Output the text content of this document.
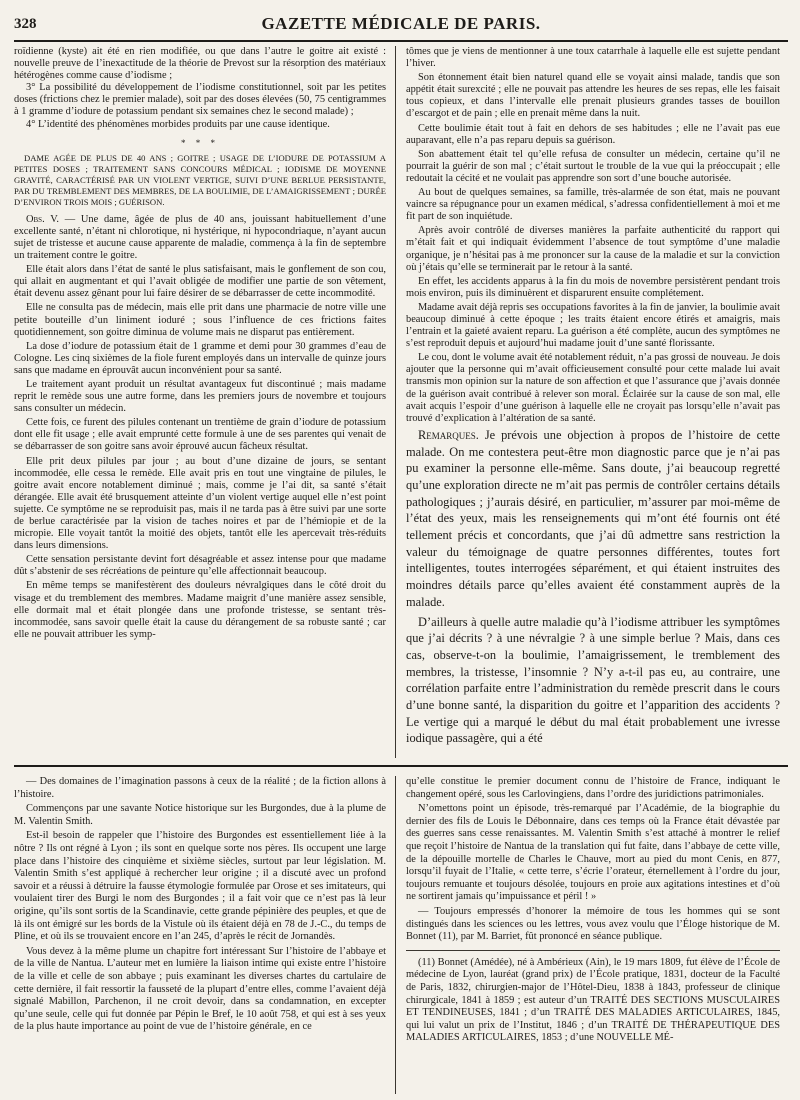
328	GAZETTE MÉDICALE DE PARIS.

roïdienne (kyste) ait été en rien modifiée, ou que dans l’autre le goitre ait existé : nouvelle preuve de l’inexactitude de la théorie de Prevost sur la résorption des matériaux hétérogènes comme cause d’iodisme ;

3° La possibilité du développement de l’iodisme constitutionnel, soit par les petites doses (frictions chez le premier malade), soit par des doses élevées (50, 75 centigrammes à 1 gramme d’iodure de potassium pendant six semaines chez le second malade) ;

4° L’identité des phénomènes morbides produits par une cause identique.

* * *

DAME AGÉE DE PLUS DE 40 ANS ; GOITRE ; USAGE DE L’IODURE DE POTASSIUM A PETITES DOSES ; TRAITEMENT SANS CONCOURS MÉDICAL ; IODISME DE MOYENNE GRAVITÉ, CARACTÉRISÉ PAR UN VIOLENT VERTIGE, SUIVI D’UNE BERLUE PERSISTANTE, PAR DU TREMBLEMENT DES MEMBRES, DE LA BOULIMIE, DE L’AMAIGRISSEMENT ; DURÉE D’ENVIRON TROIS MOIS ; GUÉRISON.

Obs. V. — Une dame, âgée de plus de 40 ans, jouissant habituellement d’une excellente santé, n’étant ni chlorotique, ni hystérique, ni hypocondriaque, n’ayant aucun sujet de tristesse et aucune cause apparente de maladie, commença à la fin de septembre un traitement contre le goitre.

Elle était alors dans l’état de santé le plus satisfaisant, mais le gonflement de son cou, qui allait en augmentant et qui l’avait obligée de modifier une partie de son vêtement, était devenu assez gênant pour lui faire désirer de se débarrasser de cette incommodité.

Elle ne consulta pas de médecin, mais elle prit dans une pharmacie de notre ville une petite bouteille d’un liniment ioduré ; sous l’influence de ces frictions faites quotidiennement, son goitre diminua de volume mais ne disparut pas entièrement.

La dose d’iodure de potassium était de 1 gramme et demi pour 30 grammes d’eau de Cologne. Les cinq sixièmes de la fiole furent employés dans un intervalle de quinze jours sans que madame en éprouvât aucun inconvénient pour sa santé.

Le traitement ayant produit un résultat avantageux fut discontinué ; mais madame reprit le remède sous une autre forme, dans les premiers jours de novembre et toujours sans consulter un médecin.

Cette fois, ce furent des pilules contenant un trentième de grain d’iodure de potassium dont elle fit usage ; elle avait emprunté cette formule à une de ses parentes qui venait de se débarrasser de son goitre sans avoir éprouvé aucun fâcheux résultat.

Elle prit deux pilules par jour ; au bout d’une dizaine de jours, se sentant incommodée, elle cessa le remède. Elle avait pris en tout une vingtaine de pilules, le goitre avait encore notablement diminué ; mais, comme je l’ai dit, sa santé s’était dérangée. Elle avait été brusquement atteinte d’un violent vertige auquel elle n’est point sujette. Ce symptôme ne se reproduisit pas, mais il ne tarda pas à être suivi par une sorte de berlue caractérisée par la vision de taches noires et par de l’hémiopie et de la micropie. Elle voyait tantôt la moitié des objets, tantôt elle les apercevait très-réduits dans leurs dimensions.

Cette sensation persistante devint fort désagréable et assez intense pour que madame dût s’abstenir de ses récréations de peinture qu’elle affectionnait beaucoup.

En même temps se manifestèrent des douleurs névralgiques dans le côté droit du visage et du tremblement des membres. Madame maigrit d’une manière assez sensible, elle dormait mal et était plongée dans une profonde tristesse, se sentant très-incommodée, sans savoir quelle était la cause du dérangement de sa robuste santé ; car elle ne pouvait attribuer les symp-

tômes que je viens de mentionner à une toux catarrhale à laquelle elle est sujette pendant l’hiver.

Son étonnement était bien naturel quand elle se voyait ainsi malade, tandis que son appétit était surexcité ; elle ne pouvait pas attendre les heures de ses repas, elle les faisait tous copieux, et dans l’intervalle elle prenait plusieurs grandes tasses de bouillon d’escargot et de pain ; elle en prenait même dans la nuit.

Cette boulimie était tout à fait en dehors de ses habitudes ; elle ne l’avait pas eue auparavant, elle n’a pas reparu depuis sa guérison.

Son abattement était tel qu’elle refusa de consulter un médecin, certaine qu’il ne pourrait la guérir de son mal ; c’était surtout le trouble de la vue qui la préoccupait ; elle redoutait la cécité et ne voulait pas apprendre son sort d’une bouche autorisée.

Au bout de quelques semaines, sa famille, très-alarmée de son état, mais ne pouvant vaincre sa répugnance pour un examen médical, s’adressa confidentiellement à moi et me fit part de son inquiétude.

Après avoir contrôlé de diverses manières la parfaite authenticité du rapport qui m’était fait et qui indiquait évidemment l’absence de tout symptôme d’une maladie organique, je n’hésitai pas à me prononcer sur la cause de la maladie et sur la conviction où j’étais qu’elle se terminerait par le retour à la santé.

En effet, les accidents apparus à la fin du mois de novembre persistèrent pendant trois mois environ, puis ils diminuèrent et disparurent ensuite complétement.

Madame avait déjà repris ses occupations favorites à la fin de janvier, la boulimie avait beaucoup diminué à cette époque ; les traits étaient encore étirés et amaigris, mais l’entrain et la gaieté avaient reparu. La guérison a été complète, aucun des symptômes ne s’est reproduit depuis et aujourd’hui madame jouit d’une santé florissante.

Le cou, dont le volume avait été notablement réduit, n’a pas grossi de nouveau. Je dois ajouter que la personne qui m’avait officieusement consulté pour cette malade lui avait transmis mon opinion sur la nature de son affection et que l’assurance que j’avais donnée de la guérison avait contribué à relever son moral. Éclairée sur la cause de son mal, elle avait acquis l’espoir d’une guérison à laquelle elle ne croyait pas lorsqu’elle n’avait pas trouvé d’explication à l’altération de sa santé.

Remarques. Je prévois une objection à propos de l’histoire de cette malade. On me contestera peut-être mon diagnostic parce que je n’ai pas pu examiner la personne elle-même. Sans doute, j’ai beaucoup regretté qu’une exploration directe ne m’ait pas permis de contrôler certains détails pathologiques ; j’aurais désiré, en particulier, m’assurer par moi-même de l’état des yeux, mais les renseignements qui m’ont été fournis ont été tellement précis et concordants, que j’ai dû admettre sans restriction la valeur du témoignage de quatre personnes différentes, toutes fort intelligentes, toutes interrogées séparément, et qui étaient instruites des moindres détails parce qu’elles avaient été constamment auprès de la malade.

D’ailleurs à quelle autre maladie qu’à l’iodisme attribuer les symptômes que j’ai décrits ? à une névralgie ? à une simple berlue ? Mais, dans ces cas, observe-t-on la boulimie, l’amaigrissement, le tremblement des membres, la tristesse, l’insomnie ? N’y a-t-il pas eu, au contraire, une corrélation parfaite entre l’administration du remède prescrit dans le cours d’une bonne santé, la disparition du goitre et l’apparition des accidents ? Le vertige qui a marqué le début du mal était probablement une ivresse iodique passagère, qui a été

— Des domaines de l’imagination passons à ceux de la réalité ; de la fiction allons à l’histoire.

Commençons par une savante Notice historique sur les Burgondes, due à la plume de M. Valentin Smith.

Est-il besoin de rappeler que l’histoire des Burgondes est essentiellement liée à la nôtre ? Ils ont régné à Lyon ; ils sont en quelque sorte nos pères. Ils occupent une large place dans l’histoire des cinquième et sixième siècles, surtout par leur législation. M. Valentin Smith s’est appliqué à rechercher leur origine ; il a discuté avec un profond savoir et a réussi à détruire la fausse étymologie formulée par Orose et ses imitateurs, qui voulaient tirer des Burgi le nom des Burgondes ; il a fait voir que ce n’est pas là leur origine, qu’ils sont sortis de la Scandinavie, cette grande pépinière des peuples, et que de là ils ont émigré sur les bords de la Vistule où ils étaient déjà en 78 de J.-C., du temps de Pline, et où ils se trouvaient encore en l’an 245, d’après le récit de Jornandès.

Vous devez à la même plume un chapitre fort intéressant Sur l’histoire de l’abbaye et de la ville de Nantua. L’auteur met en lumière la liaison intime qui existe entre l’histoire de la ville et celle de son abbaye ; puis examinant les diverses chartes du cartulaire de cette dernière, il fait ressortir la fausseté de la plupart d’entre elles, comme l’avaient déjà signalé Mabillon, Parchenon, il ne croit devoir, dans sa condamnation, en excepter qu’une seule, celle qui fut donnée par Pépin le Bref, le 10 août 758, et qui est à ses yeux de la plus haute importance au point de vue de l’histoire générale, en ce

qu’elle constitue le premier document connu de l’histoire de France, indiquant le changement opéré, sous les Carlovingiens, dans l’ordre des juridictions patrimoniales.

N’omettons point un épisode, très-remarqué par l’Académie, de la biographie du dernier des fils de Louis le Débonnaire, dans ces temps où la France était dévastée par des guerres sans cesse renaissantes. M. Valentin Smith s’est attaché à montrer le relief que reçoit l’histoire de Nantua de la translation qui fut faite, dans l’abbaye de cette ville, de la dépouille mortelle de Charles le Chauve, mort au pied du mont Cenis, en 877, lorsqu’il fuyait de l’Italie, « cette terre, s’écrie l’orateur, éternellement à l’ordre du jour, toujours remuante et toujours désolée, toujours en proie aux agitations intestines et d’où ne sortirent jamais qu’impuissance et péril ! »

— Toujours empressés d’honorer la mémoire de tous les hommes qui se sont distingués dans les sciences ou les lettres, vous avez voulu que l’Éloge historique de M. Bonnet (11), par M. Barriet, fût prononcé en séance publique.

(11) Bonnet (Amédée), né à Ambérieux (Ain), le 19 mars 1809, fut élève de l’École de médecine de Lyon, lauréat (grand prix) de l’École pratique, 1831, docteur de la Faculté de Paris, 1832, chirurgien-major de l’Hôtel-Dieu, 1838 à 1843, professeur de clinique chirurgicale, 1841 à 1859 ; est auteur d’un TRAITÉ DES SECTIONS MUSCULAIRES ET TENDINEUSES, 1841 ; d’un TRAITÉ DES MALADIES ARTICULAIRES, 1845, qui lui valut un prix de l’Institut, 1846 ; d’un TRAITÉ DE THÉRAPEUTIQUE DES MALADIES ARTICULAIRES, 1853 ; d’une NOUVELLE MÉ-
